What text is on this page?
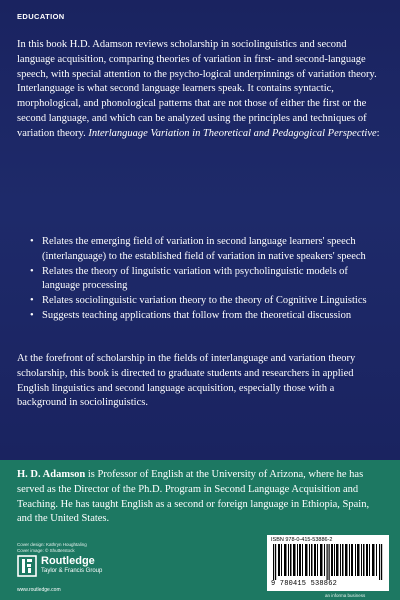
EDUCATION

In this book H.D. Adamson reviews scholarship in sociolinguistics and second language acquisition, comparing theories of variation in first- and second-language speech, with special attention to the psycho-logical underpinnings of variation theory. Interlanguage is what second language learners speak. It contains syntactic, morphological, and phonological patterns that are not those of either the first or the second language, and which can be analyzed using the principles and techniques of variation theory. Interlanguage Variation in Theoretical and Pedagogical Perspective:

• Relates the emerging field of variation in second language learners' speech (interlanguage) to the established field of variation in native speakers' speech
• Relates the theory of linguistic variation with psycholinguistic models of language processing
• Relates sociolinguistic variation theory to the theory of Cognitive Linguistics
• Suggests teaching applications that follow from the theoretical discussion

At the forefront of scholarship in the fields of interlanguage and variation theory scholarship, this book is directed to graduate students and researchers in applied English linguistics and second language acquisition, especially those with a background in sociolinguistics.

H. D. Adamson is Professor of English at the University of Arizona, where he has served as the Director of the Ph.D. Program in Second Language Acquisition and Teaching. He has taught English as a second or foreign language in Ethiopia, Spain, and the United States.

Cover design: Kathryn Houghtaling
Cover image: © Shutterstock
Routledge
Taylor & Francis Group
www.routledge.com
ISBN 978-0-415-53886-2
9 780415 538862
an informa business
